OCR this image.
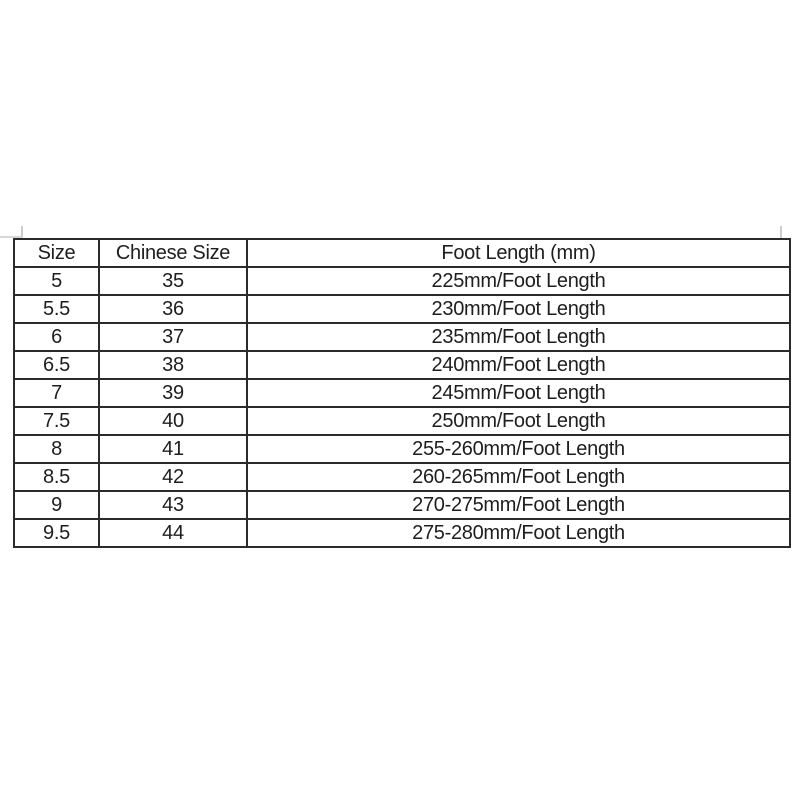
Size	Chinese Size	Foot Length (mm)
5	35	225mm/Foot Length
5.5	36	230mm/Foot Length
6	37	235mm/Foot Length
6.5	38	240mm/Foot Length
7	39	245mm/Foot Length
7.5	40	250mm/Foot Length
8	41	255-260mm/Foot Length
8.5	42	260-265mm/Foot Length
9	43	270-275mm/Foot Length
9.5	44	275-280mm/Foot Length
